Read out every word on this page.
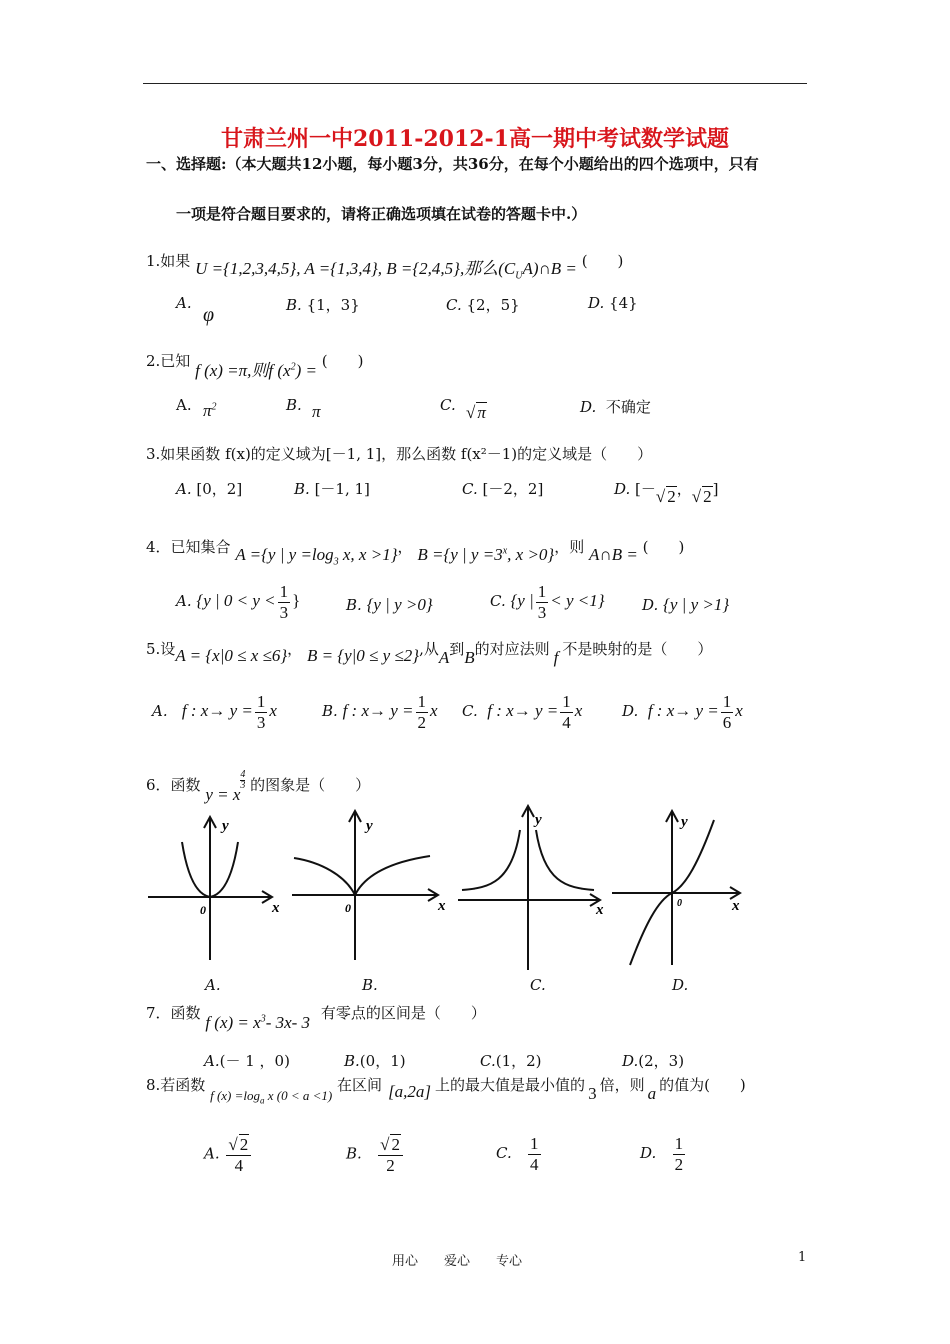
甘肃兰州一中2011-2012-1高一期中考试数学试题
一、选择题:（本大题共12小题，每小题3分，共36分，在每个小题给出的四个选项中，只有
一项是符合题目要求的，请将正确选项填在试卷的答题卡中.）
1.如果 U ={1,2,3,4,5}, A ={1,3,4}, B ={2,4,5},那么$(C_UA)\cap B$ = (　　)
A.
φ	B. {1，3}	C. {2，5}	D. {4}
2.已知 f (x) =π,则f $(x^2)$ = (　　)
A. $\pi^2$	B. π	C. √ π	D. 不确定
3.如果函数 f(x)的定义域为[－1, 1]，那么函数 f(x²－1)的定义域是（　　）
A. [0，2]	B. [－1, 1]	C. [－2，2]	D. [－√ 2，√ 2]
4．已知集合 A ={y | $y =\log_3$ x, x >1}， B ={y | $y =3^x$, x >0}，则 A∩B = (　　)
A. {y | $0 < y < \frac{1}{3}$ }	B. {y | y >0}	C. {y | $\frac{1}{3} < y <1$} D. {y | y >1}
5.设A = {x|0 ≤ x ≤6}， B = {y|0 ≤ y ≤2},从A到B的对应法则 f 不是映射的是（　　）
A. f : $x\to y = \frac{1}{3}$ x	B. f : $x\to y = \frac{1}{2}$ x C. f : $x\to y = \frac{1}{4}$ x	D. f : $x\to y = \frac{1}{6}$ x
6．函数 y = x
$\frac{4}{3}$ 的图象是（　　）
y
x
0
y
x
0
y
x
y
x
0
A.	B.	C.	D.
7．函数 f $(x) = x^3-$ 3x- 3 有零点的区间是（　　）
A.(－ 1 ，0)	B.(0，1)	C.(1，2)	D.(2，3)
8.若函数 f $(x) =\log_a$ x (0 < a <1) 在区间 [a,2a] 上的最大值是最小值的 3 倍，则 a 的值为(　　)
A. $\frac{√ 2}{4}$	B. $\frac{√ 2}{2}$	C. $\frac{1}{4}$	D. $\frac{1}{2}$
用心　　爱心　　专心	1
